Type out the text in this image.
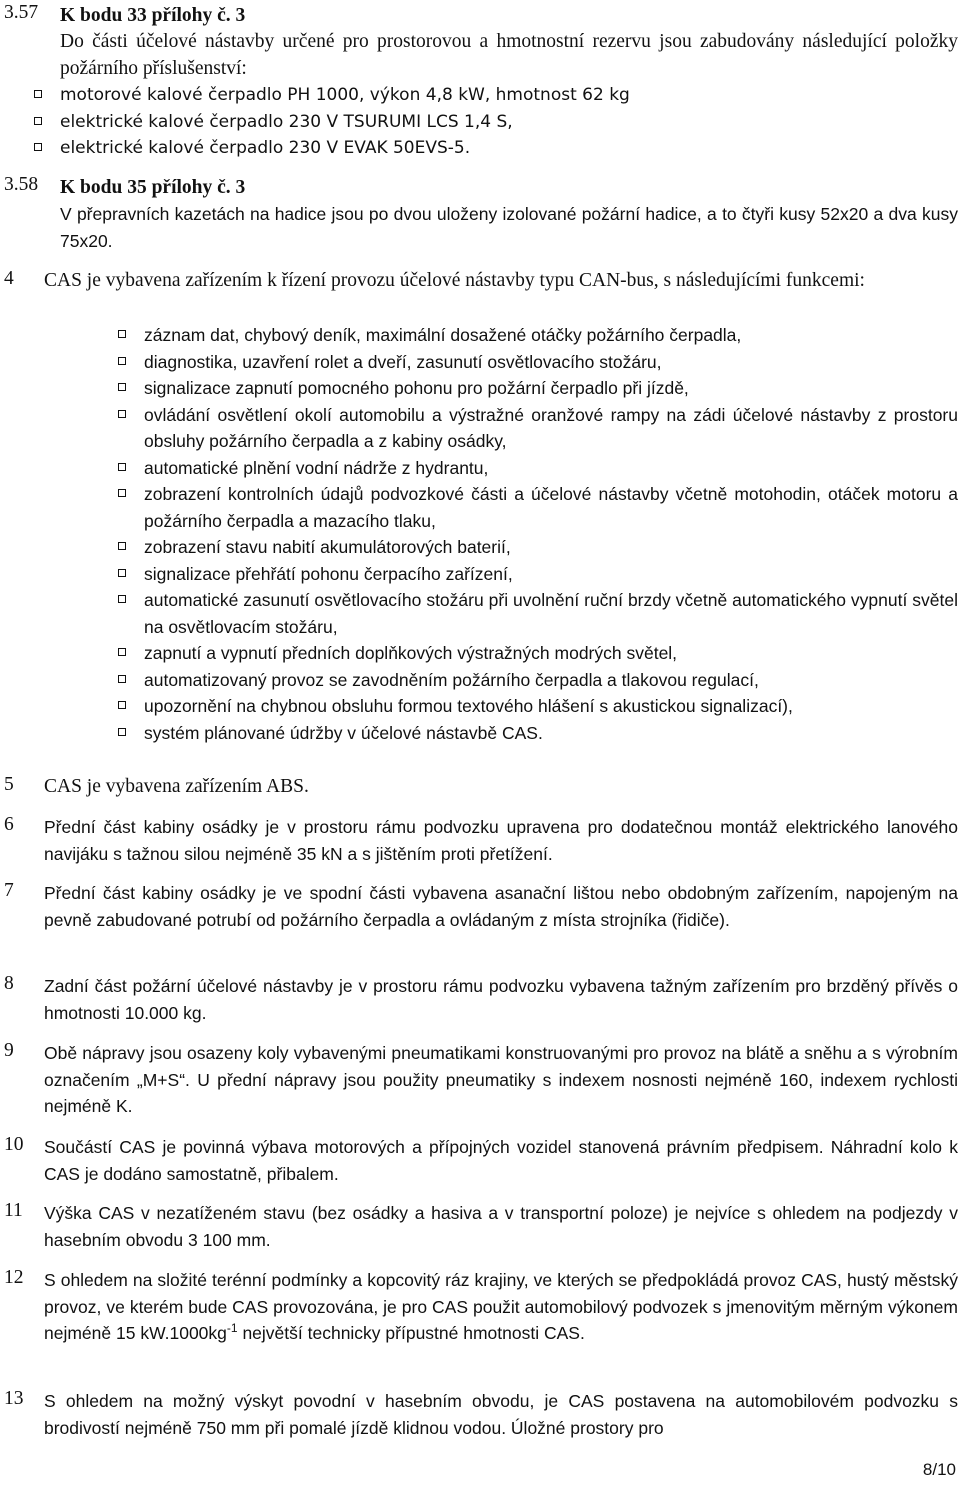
3.57 K bodu 33 přílohy č. 3
Do části účelové nástavby určené pro prostorovou a hmotnostní rezervu jsou zabudovány následující položky požárního příslušenství:
motorové kalové čerpadlo PH 1000, výkon 4,8 kW, hmotnost 62 kg
elektrické kalové čerpadlo 230 V TSURUMI LCS 1,4 S,
elektrické kalové čerpadlo 230 V EVAK 50EVS-5.
3.58 K bodu 35 přílohy č. 3
V přepravních kazetách na hadice jsou po dvou uloženy izolované požární hadice, a to čtyři kusy 52x20 a dva kusy 75x20.
4 CAS je vybavena zařízením k řízení provozu účelové nástavby typu CAN-bus, s následujícími funkcemi:
záznam dat, chybový deník, maximální dosažené otáčky požárního čerpadla,
diagnostika, uzavření rolet a dveří, zasunutí osvětlovacího stožáru,
signalizace zapnutí pomocného pohonu pro požární čerpadlo při jízdě,
ovládání osvětlení okolí automobilu a výstražné oranžové rampy na zádi účelové nástavby z prostoru obsluhy požárního čerpadla a z kabiny osádky,
automatické plnění vodní nádrže z hydrantu,
zobrazení kontrolních údajů podvozkové části a účelové nástavby včetně motohodin, otáček motoru a požárního čerpadla a mazacího tlaku,
zobrazení stavu nabití akumulátorových baterií,
signalizace přehřátí pohonu čerpacího zařízení,
automatické zasunutí osvětlovacího stožáru při uvolnění ruční brzdy včetně automatického vypnutí světel na osvětlovacím stožáru,
zapnutí a vypnutí předních doplňkových výstražných modrých světel,
automatizovaný provoz se zavodněním požárního čerpadla a tlakovou regulací,
upozornění na chybnou obsluhu formou textového hlášení s akustickou signalizací),
systém plánované údržby v účelové nástavbě CAS.
5 CAS je vybavena zařízením ABS.
6 Přední část kabiny osádky je v prostoru rámu podvozku upravena pro dodatečnou montáž elektrického lanového navijáku s tažnou silou nejméně 35 kN a s jištěním proti přetížení.
7 Přední část kabiny osádky je ve spodní části vybavena asanační lištou nebo obdobným zařízením, napojeným na pevně zabudované potrubí od požárního čerpadla a ovládaným z místa strojníka (řidiče).
8 Zadní část požární účelové nástavby je v prostoru rámu podvozku vybavena tažným zařízením pro brzděný přívěs o hmotnosti 10.000 kg.
9 Obě nápravy jsou osazeny koly vybavenými pneumatikami konstruovanými pro provoz na blátě a sněhu a s výrobním označením „M+S“. U přední nápravy jsou použity pneumatiky s indexem nosnosti nejméně 160, indexem rychlosti nejméně K.
10 Součástí CAS je povinná výbava motorových a přípojných vozidel stanovená právním předpisem. Náhradní kolo k CAS je dodáno samostatně, přibalem.
11 Výška CAS v nezatíženém stavu (bez osádky a hasiva a v transportní poloze) je nejvíce s ohledem na podjezdy v hasebním obvodu 3 100 mm.
12 S ohledem na složité terénní podmínky a kopcovitý ráz krajiny, ve kterých se předpokládá provoz CAS, hustý městský provoz, ve kterém bude CAS provozována, je pro CAS použit automobilový podvozek s jmenovitým měrným výkonem nejméně 15 $kW.1000kg^{-1}$ největší technicky přípustné hmotnosti CAS.
13 S ohledem na možný výskyt povodní v hasebním obvodu, je CAS postavena na automobilovém podvozku s brodivostí nejméně 750 mm při pomalé jízdě klidnou vodou. Úložné prostory pro
8/10
